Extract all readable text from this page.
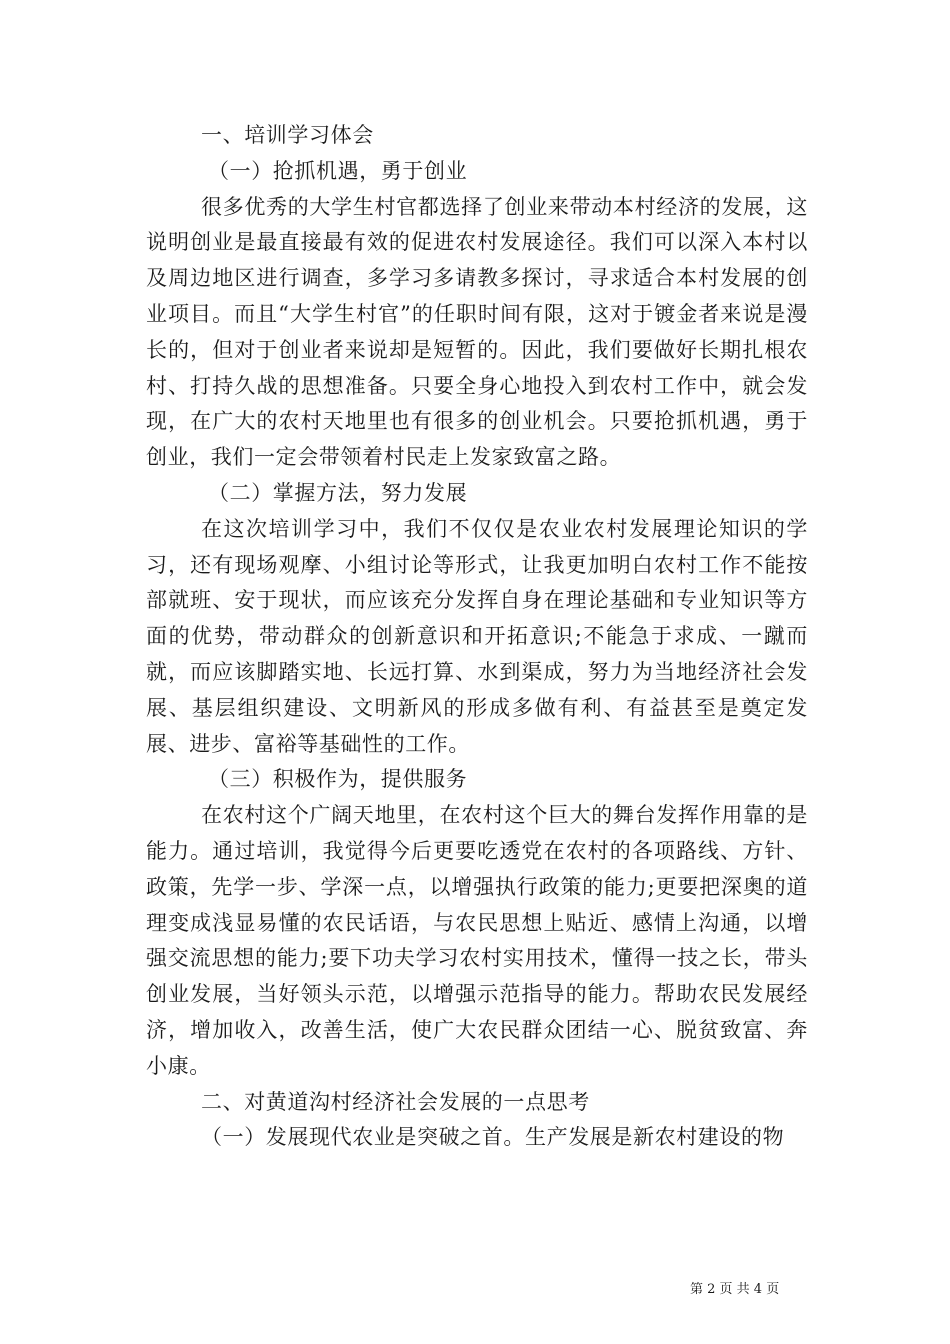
一、培训学习体会

（一）抢抓机遇，勇于创业

很多优秀的大学生村官都选择了创业来带动本村经济的发展，这说明创业是最直接最有效的促进农村发展途径。我们可以深入本村以及周边地区进行调查，多学习多请教多探讨，寻求适合本村发展的创业项目。而且“大学生村官”的任职时间有限，这对于镀金者来说是漫长的，但对于创业者来说却是短暂的。因此，我们要做好长期扎根农村、打持久战的思想准备。只要全身心地投入到农村工作中，就会发现，在广大的农村天地里也有很多的创业机会。只要抢抓机遇，勇于创业，我们一定会带领着村民走上发家致富之路。

（二）掌握方法，努力发展

在这次培训学习中，我们不仅仅是农业农村发展理论知识的学习，还有现场观摩、小组讨论等形式，让我更加明白农村工作不能按部就班、安于现状，而应该充分发挥自身在理论基础和专业知识等方面的优势，带动群众的创新意识和开拓意识;不能急于求成、一蹴而就，而应该脚踏实地、长远打算、水到渠成，努力为当地经济社会发展、基层组织建设、文明新风的形成多做有利、有益甚至是奠定发展、进步、富裕等基础性的工作。

（三）积极作为，提供服务

在农村这个广阔天地里，在农村这个巨大的舞台发挥作用靠的是能力。通过培训，我觉得今后更要吃透党在农村的各项路线、方针、政策，先学一步、学深一点，以增强执行政策的能力;更要把深奥的道理变成浅显易懂的农民话语，与农民思想上贴近、感情上沟通，以增强交流思想的能力;要下功夫学习农村实用技术，懂得一技之长，带头创业发展，当好领头示范，以增强示范指导的能力。帮助农民发展经济，增加收入，改善生活，使广大农民群众团结一心、脱贫致富、奔小康。

二、对黄道沟村经济社会发展的一点思考

（一）发展现代农业是突破之首。生产发展是新农村建设的物

第 2 页 共 4 页
